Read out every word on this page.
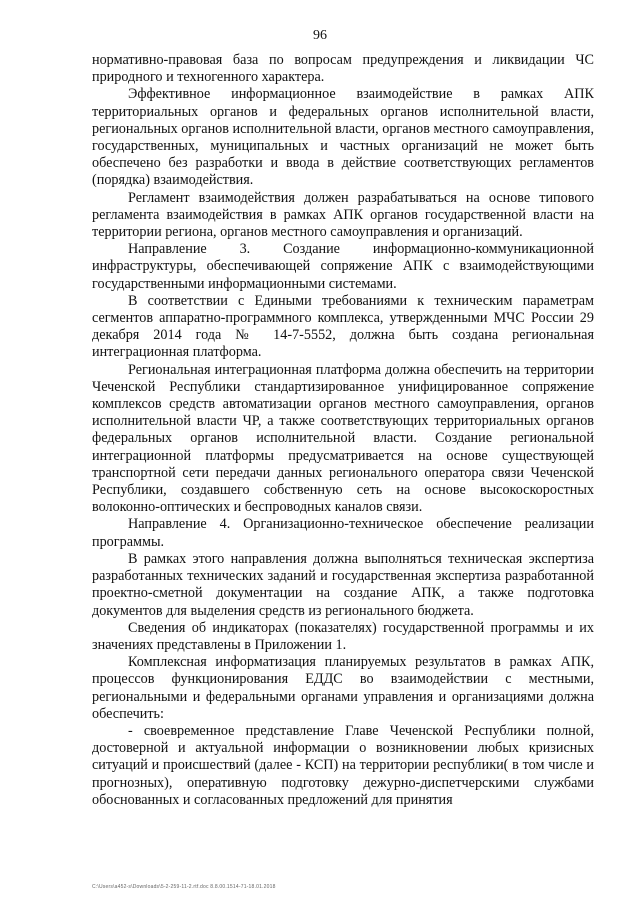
96

нормативно-правовая база по вопросам предупреждения и ликвидации ЧС природного и техногенного характера.

Эффективное информационное взаимодействие в рамках АПК территориальных органов и федеральных органов исполнительной власти, региональных органов исполнительной власти, органов местного самоуправления, государственных, муниципальных и частных организаций не может быть обеспечено без разработки и ввода в действие соответствующих регламентов (порядка) взаимодействия.

Регламент взаимодействия должен разрабатываться на основе типового регламента взаимодействия в рамках АПК органов государственной власти на территории региона, органов местного самоуправления и организаций.

Направление 3. Создание информационно-коммуникационной инфраструктуры, обеспечивающей сопряжение АПК с взаимодействующими государственными информационными системами.

В соответствии с Едиными требованиями к техническим параметрам сегментов аппаратно-программного комплекса, утвержденными МЧС России 29 декабря 2014 года № 14-7-5552, должна быть создана региональная интеграционная платформа.

Региональная интеграционная платформа должна обеспечить на территории Чеченской Республики стандартизированное унифицированное сопряжение комплексов средств автоматизации органов местного самоуправления, органов исполнительной власти ЧР, а также соответствующих территориальных органов федеральных органов исполнительной власти. Создание региональной интеграционной платформы предусматривается на основе существующей транспортной сети передачи данных регионального оператора связи Чеченской Республики, создавшего собственную сеть на основе высокоскоростных волоконно-оптических и беспроводных каналов связи.

Направление 4. Организационно-техническое обеспечение реализации программы.

В рамках этого направления должна выполняться техническая экспертиза разработанных технических заданий и государственная экспертиза разработанной проектно-сметной документации на создание АПК, а также подготовка документов для выделения средств из регионального бюджета.

Сведения об индикаторах (показателях) государственной программы и их значениях представлены в Приложении 1.

Комплексная информатизация планируемых результатов в рамках АПК, процессов функционирования ЕДДС во взаимодействии с местными, региональными и федеральными органами управления и организациями должна обеспечить:

- своевременное представление Главе Чеченской Республики полной, достоверной и актуальной информации о возникновении любых кризисных ситуаций и происшествий (далее - КСП) на территории республики( в том числе и прогнозных), оперативную подготовку дежурно-диспетчерскими службами обоснованных и согласованных предложений для принятия

С:\Users\a452-s\Downloads\5-2-259-11-2.rtf.doc 8.8.00.1514-71-18.01.2018
